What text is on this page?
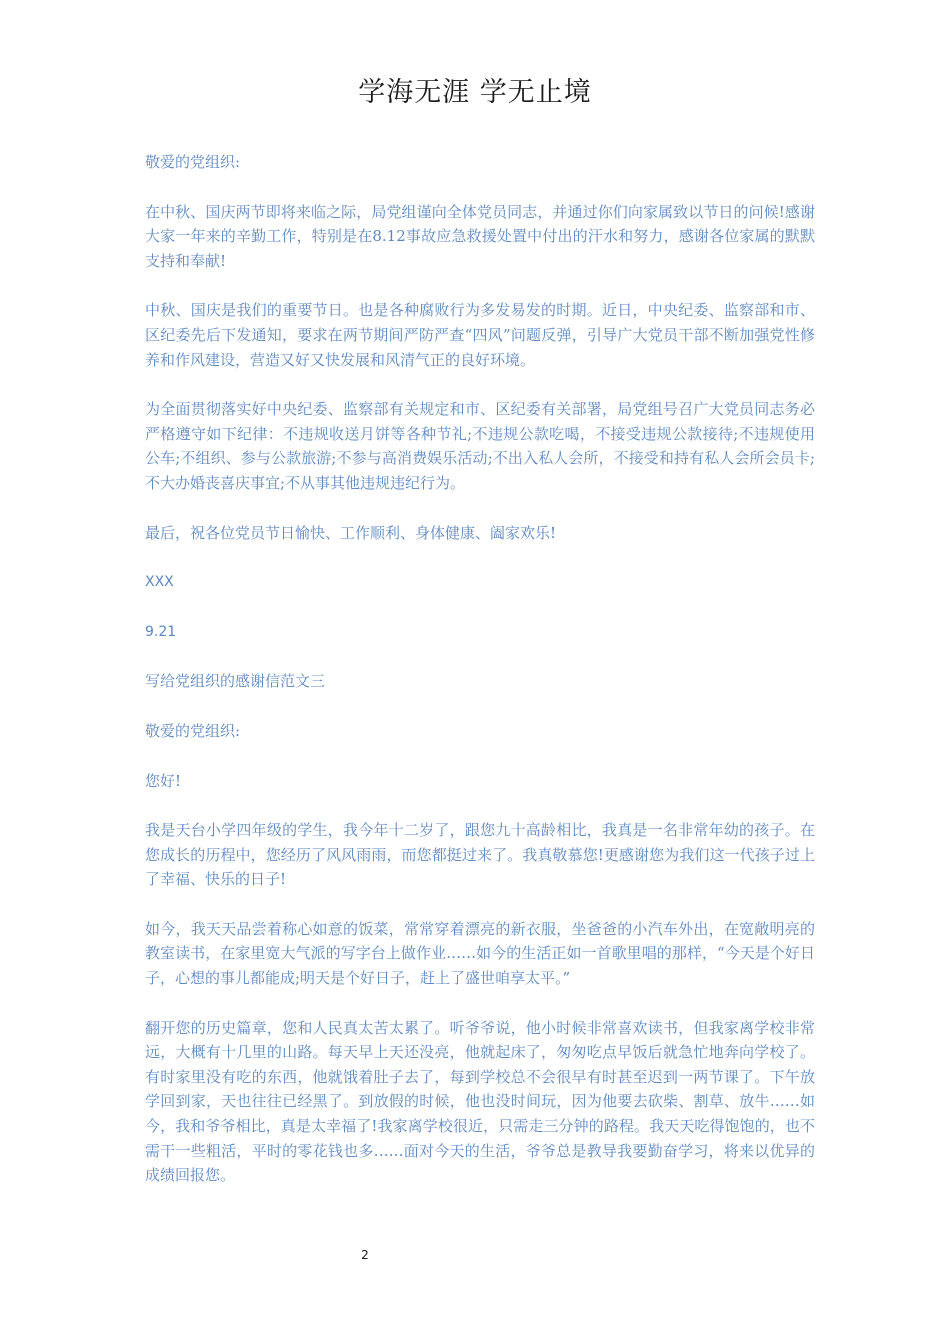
学海无涯 学无止境

敬爱的党组织:

在中秋、国庆两节即将来临之际，局党组谨向全体党员同志，并通过你们向家属致以节日的问候!感谢大家一年来的辛勤工作，特别是在8.12事故应急救援处置中付出的汗水和努力，感谢各位家属的默默支持和奉献!

中秋、国庆是我们的重要节日。也是各种腐败行为多发易发的时期。近日，中央纪委、监察部和市、区纪委先后下发通知，要求在两节期间严防严查“四风”问题反弹，引导广大党员干部不断加强党性修养和作风建设，营造又好又快发展和风清气正的良好环境。

为全面贯彻落实好中央纪委、监察部有关规定和市、区纪委有关部署，局党组号召广大党员同志务必严格遵守如下纪律：不违规收送月饼等各种节礼;不违规公款吃喝，不接受违规公款接待;不违规使用公车;不组织、参与公款旅游;不参与高消费娱乐活动;不出入私人会所，不接受和持有私人会所会员卡;不大办婚丧喜庆事宜;不从事其他违规违纪行为。

最后，祝各位党员节日愉快、工作顺利、身体健康、阖家欢乐!

XXX

9.21

写给党组织的感谢信范文三

敬爱的党组织:

您好!

我是天台小学四年级的学生，我今年十二岁了，跟您九十高龄相比，我真是一名非常年幼的孩子。在您成长的历程中，您经历了风风雨雨，而您都挺过来了。我真敬慕您!更感谢您为我们这一代孩子过上了幸福、快乐的日子!

如今，我天天品尝着称心如意的饭菜，常常穿着漂亮的新衣服，坐爸爸的小汽车外出，在宽敞明亮的教室读书，在家里宽大气派的写字台上做作业……如今的生活正如一首歌里唱的那样，“今天是个好日子，心想的事儿都能成;明天是个好日子，赶上了盛世咱享太平。”

翻开您的历史篇章，您和人民真太苦太累了。听爷爷说，他小时候非常喜欢读书，但我家离学校非常远，大概有十几里的山路。每天早上天还没亮，他就起床了，匆匆吃点早饭后就急忙地奔向学校了。有时家里没有吃的东西，他就饿着肚子去了，每到学校总不会很早有时甚至迟到一两节课了。下午放学回到家，天也往往已经黑了。到放假的时候，他也没时间玩，因为他要去砍柴、割草、放牛……如今，我和爷爷相比，真是太幸福了!我家离学校很近，只需走三分钟的路程。我天天吃得饱饱的，也不需干一些粗活，平时的零花钱也多……面对今天的生活，爷爷总是教导我要勤奋学习，将来以优异的成绩回报您。

2
